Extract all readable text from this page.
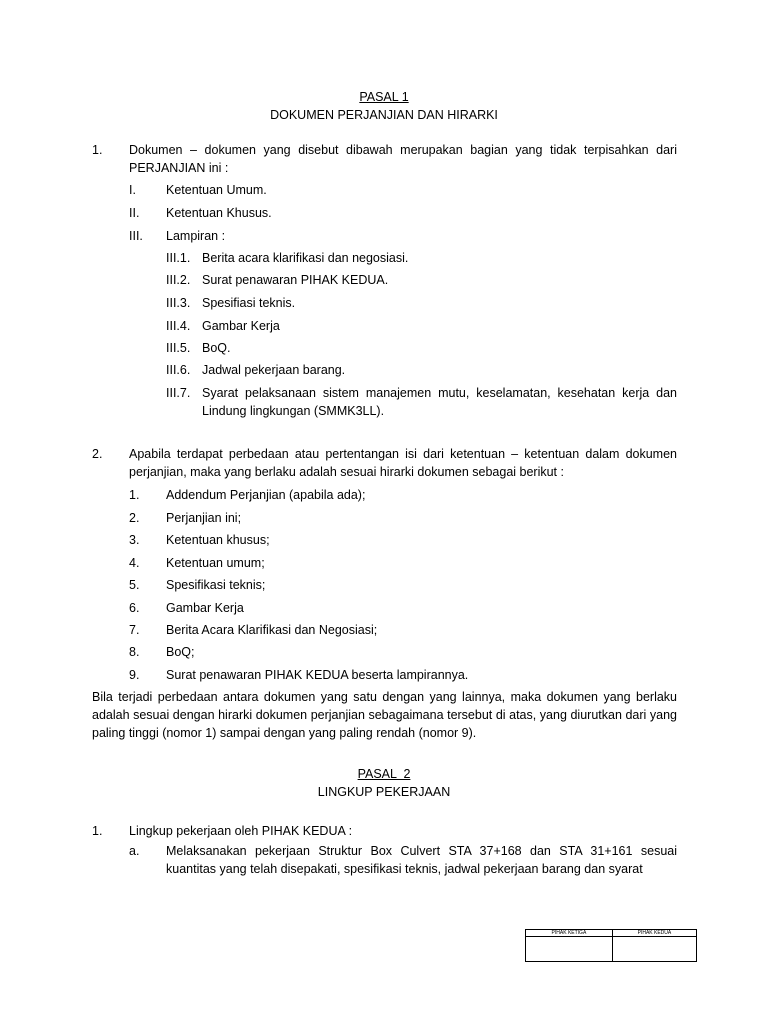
PASAL 1
DOKUMEN PERJANJIAN DAN HIRARKI
1. Dokumen – dokumen yang disebut dibawah merupakan bagian yang tidak terpisahkan dari
PERJANJIAN ini :
I. Ketentuan Umum.
II. Ketentuan Khusus.
III. Lampiran :
III.1. Berita acara klarifikasi dan negosiasi.
III.2. Surat penawaran PIHAK KEDUA.
III.3. Spesifiasi teknis.
III.4. Gambar Kerja
III.5. BoQ.
III.6. Jadwal pekerjaan barang.
III.7. Syarat pelaksanaan sistem manajemen mutu, keselamatan, kesehatan kerja dan Lindung lingkungan (SMMK3LL).
2. Apabila terdapat perbedaan atau pertentangan isi dari ketentuan – ketentuan dalam dokumen perjanjian, maka yang berlaku adalah sesuai hirarki dokumen sebagai berikut :
1. Addendum Perjanjian (apabila ada);
2. Perjanjian ini;
3. Ketentuan khusus;
4. Ketentuan umum;
5. Spesifikasi teknis;
6. Gambar Kerja
7. Berita Acara Klarifikasi dan Negosiasi;
8. BoQ;
9. Surat penawaran PIHAK KEDUA beserta lampirannya.
Bila terjadi perbedaan antara dokumen yang satu dengan yang lainnya, maka dokumen yang berlaku adalah sesuai dengan hirarki dokumen perjanjian sebagaimana tersebut di atas, yang diurutkan dari yang paling tinggi (nomor 1) sampai dengan yang paling rendah (nomor 9).
PASAL  2
LINGKUP PEKERJAAN
1. Lingkup pekerjaan oleh PIHAK KEDUA :
a. Melaksanakan pekerjaan Struktur Box Culvert STA 37+168 dan STA 31+161 sesuai kuantitas yang telah disepakati, spesifikasi teknis, jadwal pekerjaan barang dan syarat
PIHAK KETIGA	PIHAK KEDUA
